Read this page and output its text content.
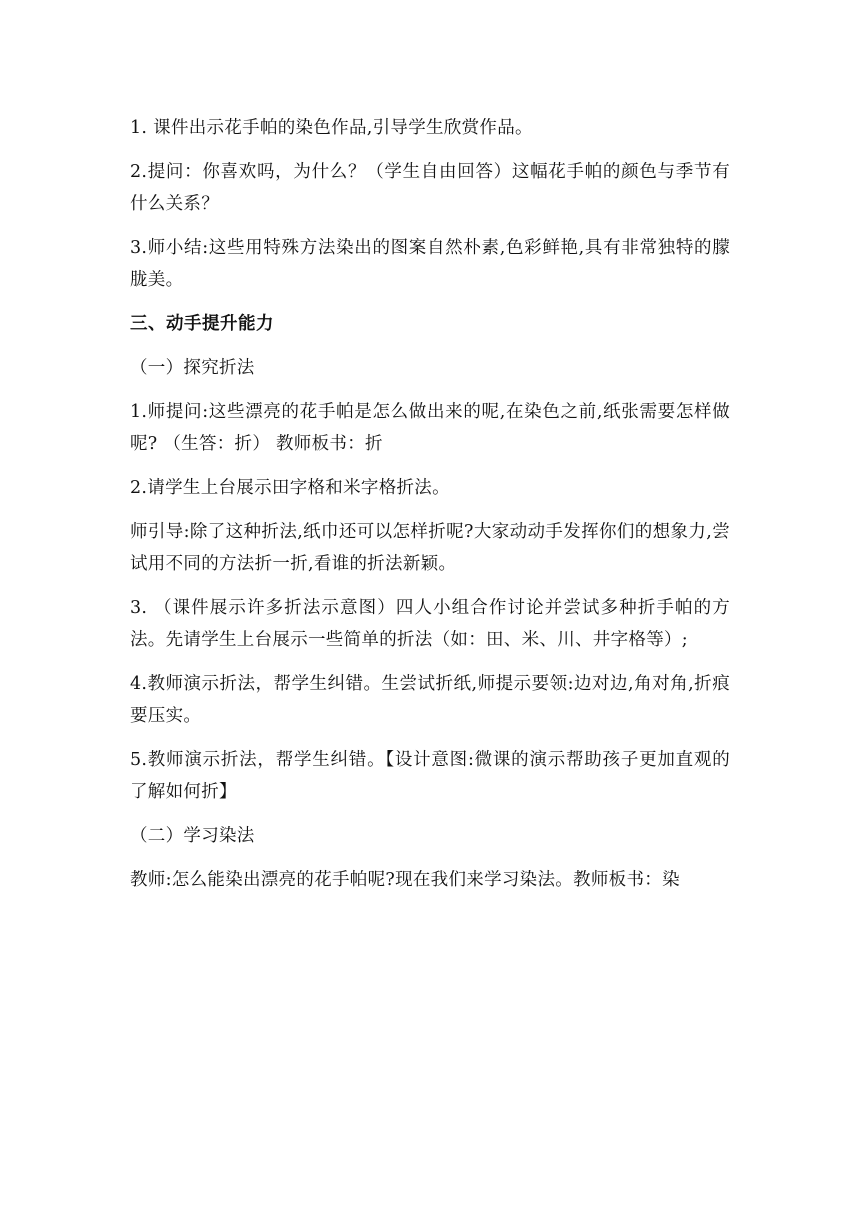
1. 课件出示花手帕的染色作品,引导学生欣赏作品。

2.提问：你喜欢吗，为什么？（学生自由回答）这幅花手帕的颜色与季节有什么关系？

3.师小结:这些用特殊方法染出的图案自然朴素,色彩鲜艳,具有非常独特的朦胧美。

三、动手提升能力

（一）探究折法

1.师提问:这些漂亮的花手帕是怎么做出来的呢,在染色之前,纸张需要怎样做呢? （生答：折） 教师板书：折

2.请学生上台展示田字格和米字格折法。

师引导:除了这种折法,纸巾还可以怎样折呢?大家动动手发挥你们的想象力,尝试用不同的方法折一折,看谁的折法新颖。

3. （课件展示许多折法示意图）四人小组合作讨论并尝试多种折手帕的方法。先请学生上台展示一些简单的折法（如：田、米、川、井字格等）;

4.教师演示折法，帮学生纠错。生尝试折纸,师提示要领:边对边,角对角,折痕要压实。

5.教师演示折法，帮学生纠错。【设计意图:微课的演示帮助孩子更加直观的了解如何折】

（二）学习染法

教师:怎么能染出漂亮的花手帕呢?现在我们来学习染法。教师板书：染
